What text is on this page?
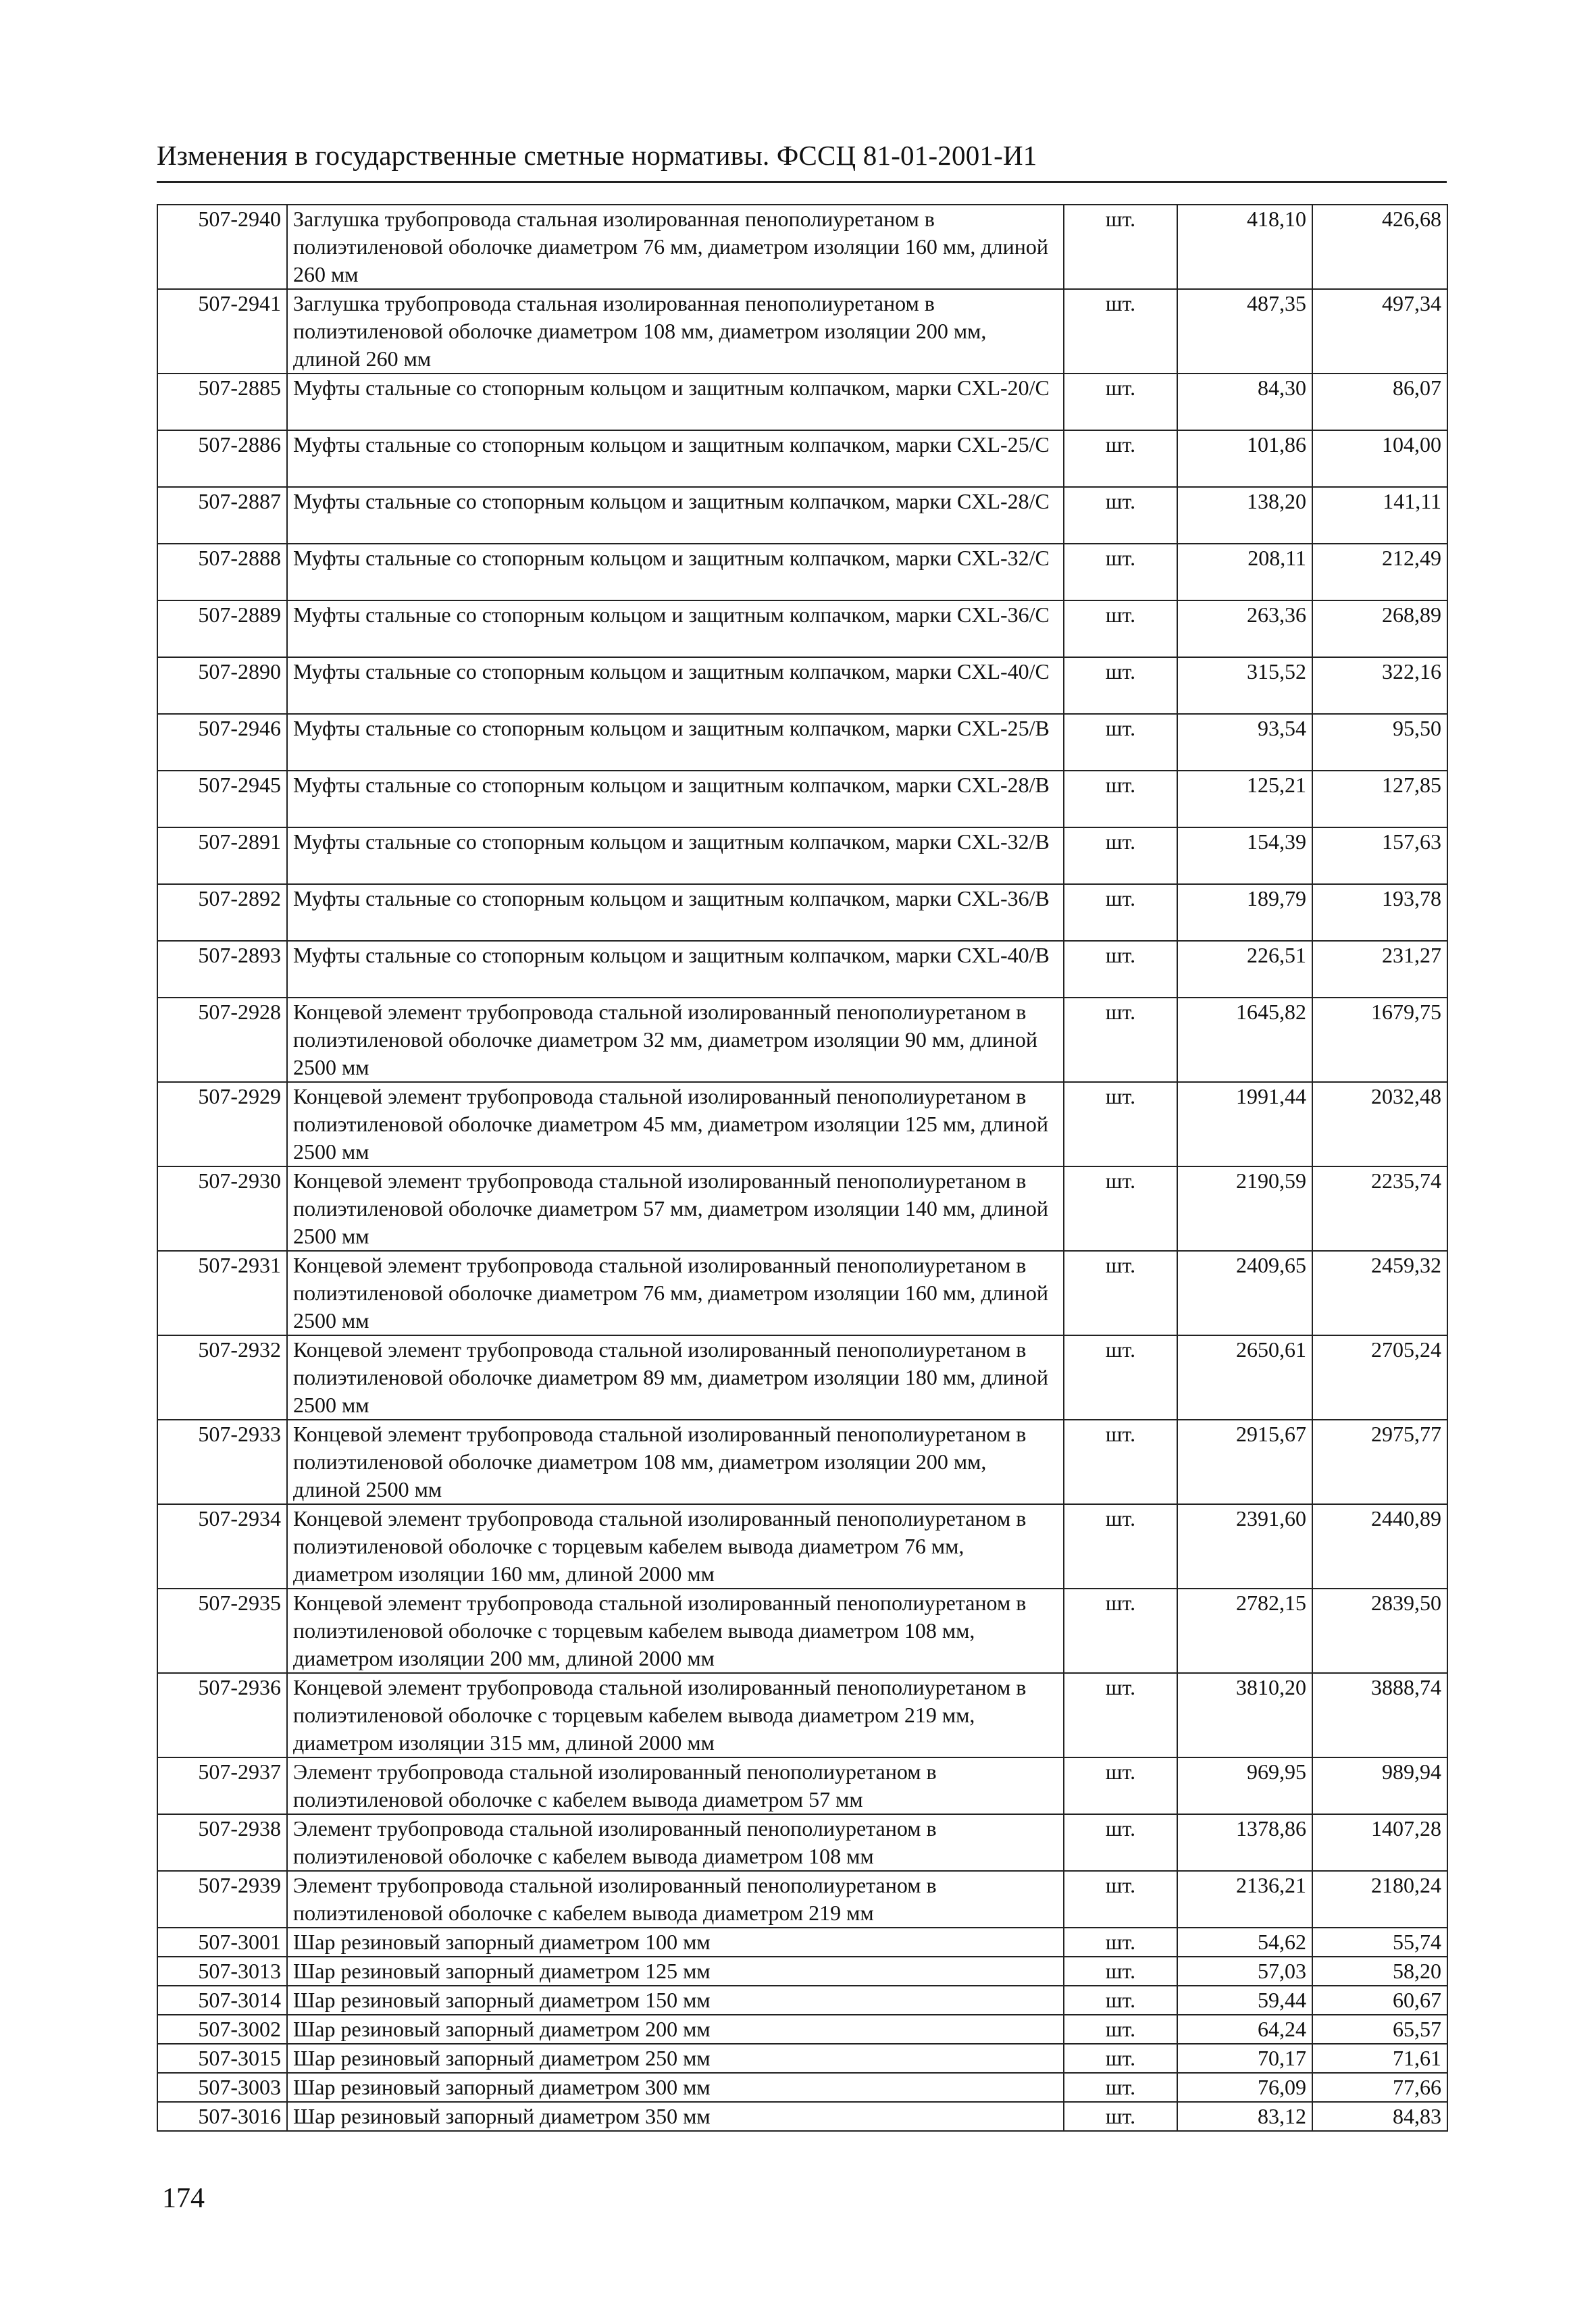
Изменения в государственные сметные нормативы. ФССЦ 81-01-2001-И1
507-2940	Заглушка трубопровода стальная изолированная пенополиуретаном в полиэтиленовой оболочке диаметром 76 мм, диаметром изоляции 160 мм, длиной 260 мм	шт.	418,10	426,68
507-2941	Заглушка трубопровода стальная изолированная пенополиуретаном в полиэтиленовой оболочке диаметром 108 мм, диаметром изоляции 200 мм, длиной 260 мм	шт.	487,35	497,34
507-2885	Муфты стальные со стопорным кольцом и защитным колпачком, марки CXL-20/C	шт.	84,30	86,07
507-2886	Муфты стальные со стопорным кольцом и защитным колпачком, марки CXL-25/C	шт.	101,86	104,00
507-2887	Муфты стальные со стопорным кольцом и защитным колпачком, марки CXL-28/C	шт.	138,20	141,11
507-2888	Муфты стальные со стопорным кольцом и защитным колпачком, марки CXL-32/C	шт.	208,11	212,49
507-2889	Муфты стальные со стопорным кольцом и защитным колпачком, марки CXL-36/C	шт.	263,36	268,89
507-2890	Муфты стальные со стопорным кольцом и защитным колпачком, марки CXL-40/C	шт.	315,52	322,16
507-2946	Муфты стальные со стопорным кольцом и защитным колпачком, марки CXL-25/B	шт.	93,54	95,50
507-2945	Муфты стальные со стопорным кольцом и защитным колпачком, марки CXL-28/B	шт.	125,21	127,85
507-2891	Муфты стальные со стопорным кольцом и защитным колпачком, марки CXL-32/B	шт.	154,39	157,63
507-2892	Муфты стальные со стопорным кольцом и защитным колпачком, марки CXL-36/B	шт.	189,79	193,78
507-2893	Муфты стальные со стопорным кольцом и защитным колпачком, марки CXL-40/B	шт.	226,51	231,27
507-2928	Концевой элемент трубопровода стальной изолированный пенополиуретаном в полиэтиленовой оболочке диаметром 32 мм, диаметром изоляции 90 мм, длиной 2500 мм	шт.	1645,82	1679,75
507-2929	Концевой элемент трубопровода стальной изолированный пенополиуретаном в полиэтиленовой оболочке диаметром 45 мм, диаметром изоляции 125 мм, длиной 2500 мм	шт.	1991,44	2032,48
507-2930	Концевой элемент трубопровода стальной изолированный пенополиуретаном в полиэтиленовой оболочке диаметром 57 мм, диаметром изоляции 140 мм, длиной 2500 мм	шт.	2190,59	2235,74
507-2931	Концевой элемент трубопровода стальной изолированный пенополиуретаном в полиэтиленовой оболочке диаметром 76 мм, диаметром изоляции 160 мм, длиной 2500 мм	шт.	2409,65	2459,32
507-2932	Концевой элемент трубопровода стальной изолированный пенополиуретаном в полиэтиленовой оболочке диаметром 89 мм, диаметром изоляции 180 мм, длиной 2500 мм	шт.	2650,61	2705,24
507-2933	Концевой элемент трубопровода стальной изолированный пенополиуретаном в полиэтиленовой оболочке диаметром 108 мм, диаметром изоляции 200 мм, длиной 2500 мм	шт.	2915,67	2975,77
507-2934	Концевой элемент трубопровода стальной изолированный пенополиуретаном в полиэтиленовой оболочке с торцевым кабелем вывода диаметром 76 мм, диаметром изоляции 160 мм, длиной 2000 мм	шт.	2391,60	2440,89
507-2935	Концевой элемент трубопровода стальной изолированный пенополиуретаном в полиэтиленовой оболочке с торцевым кабелем вывода диаметром 108 мм, диаметром изоляции 200 мм, длиной 2000 мм	шт.	2782,15	2839,50
507-2936	Концевой элемент трубопровода стальной изолированный пенополиуретаном в полиэтиленовой оболочке с торцевым кабелем вывода диаметром 219 мм, диаметром изоляции 315 мм, длиной 2000 мм	шт.	3810,20	3888,74
507-2937	Элемент трубопровода стальной изолированный пенополиуретаном в полиэтиленовой оболочке с кабелем вывода диаметром 57 мм	шт.	969,95	989,94
507-2938	Элемент трубопровода стальной изолированный пенополиуретаном в полиэтиленовой оболочке с кабелем вывода диаметром 108 мм	шт.	1378,86	1407,28
507-2939	Элемент трубопровода стальной изолированный пенополиуретаном в полиэтиленовой оболочке с кабелем вывода диаметром 219 мм	шт.	2136,21	2180,24
507-3001	Шар резиновый запорный диаметром 100 мм	шт.	54,62	55,74
507-3013	Шар резиновый запорный диаметром 125 мм	шт.	57,03	58,20
507-3014	Шар резиновый запорный диаметром 150 мм	шт.	59,44	60,67
507-3002	Шар резиновый запорный диаметром 200 мм	шт.	64,24	65,57
507-3015	Шар резиновый запорный диаметром 250 мм	шт.	70,17	71,61
507-3003	Шар резиновый запорный диаметром 300 мм	шт.	76,09	77,66
507-3016	Шар резиновый запорный диаметром 350 мм	шт.	83,12	84,83
174
